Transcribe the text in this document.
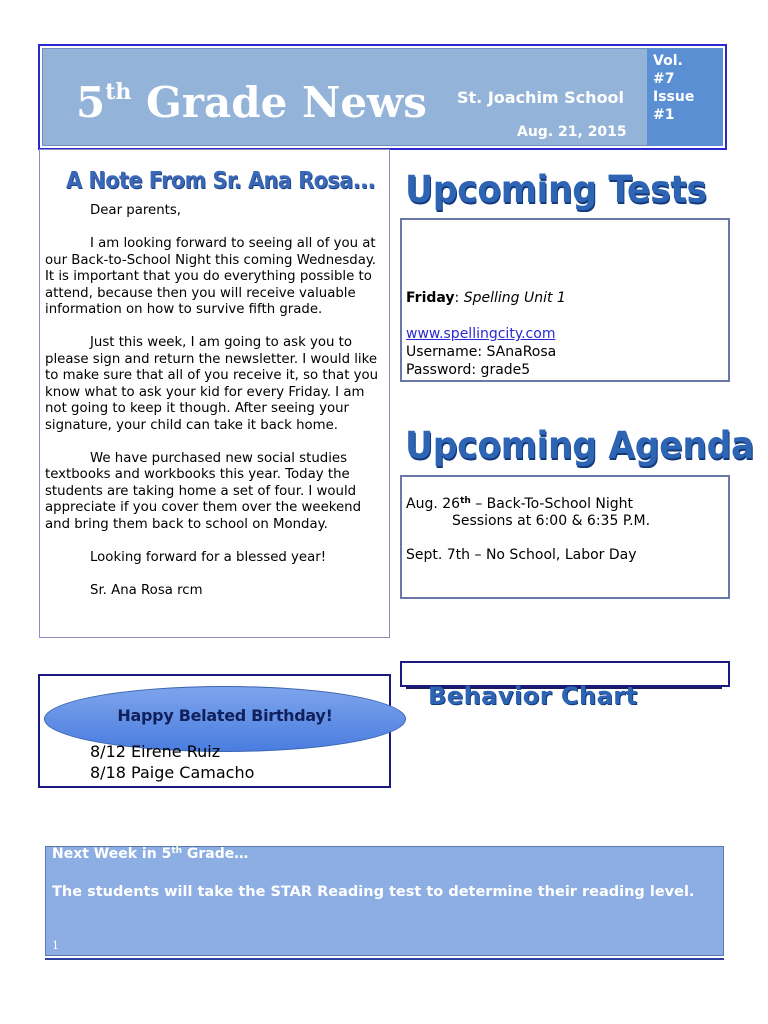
5th Grade News St. Joachim School
Aug. 21, 2015
Vol.
#7
Issue
#1
A Note From Sr. Ana Rosa...

Dear parents,

I am looking forward to seeing all of you at our Back-to-School Night this coming Wednesday. It is important that you do everything possible to attend, because then you will receive valuable information on how to survive fifth grade.

Just this week, I am going to ask you to please sign and return the newsletter. I would like to make sure that all of you receive it, so that you know what to ask your kid for every Friday. I am not going to keep it though. After seeing your signature, your child can take it back home.

We have purchased new social studies textbooks and workbooks this year. Today the students are taking home a set of four. I would appreciate if you cover them over the weekend and bring them back to school on Monday.

Looking forward for a blessed year!

Sr. Ana Rosa rcm

Upcoming Tests
Friday: Spelling Unit 1
www.spellingcity.com
Username: SAnaRosa
Password: grade5
Upcoming Agenda
Aug. 26th – Back-To-School Night
Sessions at 6:00 & 6:35 P.M.
Sept. 7th – No School, Labor Day
Behavior Chart
Happy Belated Birthday!
8/12 Eirene Ruiz
8/18 Paige Camacho
Next Week in 5th Grade…
The students will take the STAR Reading test to determine their reading level.
1
